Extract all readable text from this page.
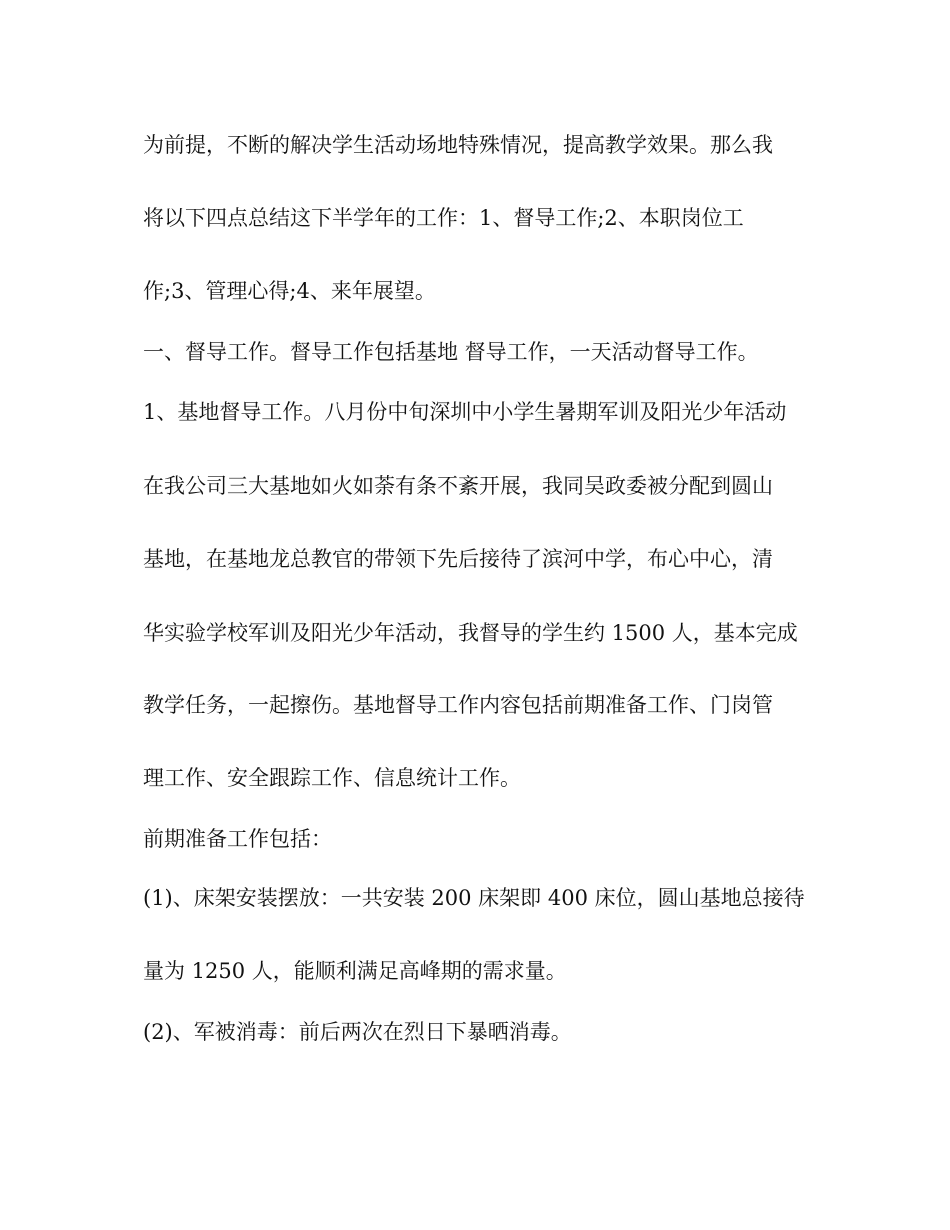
为前提，不断的解决学生活动场地特殊情况，提高教学效果。那么我
将以下四点总结这下半学年的工作：1、督导工作;2、本职岗位工
作;3、管理心得;4、来年展望。
一、督导工作。督导工作包括基地 督导工作，一天活动督导工作。
1、基地督导工作。八月份中旬深圳中小学生暑期军训及阳光少年活动
在我公司三大基地如火如荼有条不紊开展，我同吴政委被分配到圆山
基地，在基地龙总教官的带领下先后接待了滨河中学，布心中心，清
华实验学校军训及阳光少年活动，我督导的学生约 1500 人，基本完成
教学任务，一起擦伤。基地督导工作内容包括前期准备工作、门岗管
理工作、安全跟踪工作、信息统计工作。
前期准备工作包括：
(1)、床架安装摆放：一共安装 200 床架即 400 床位，圆山基地总接待
量为 1250 人，能顺利满足高峰期的需求量。
(2)、军被消毒：前后两次在烈日下暴晒消毒。
